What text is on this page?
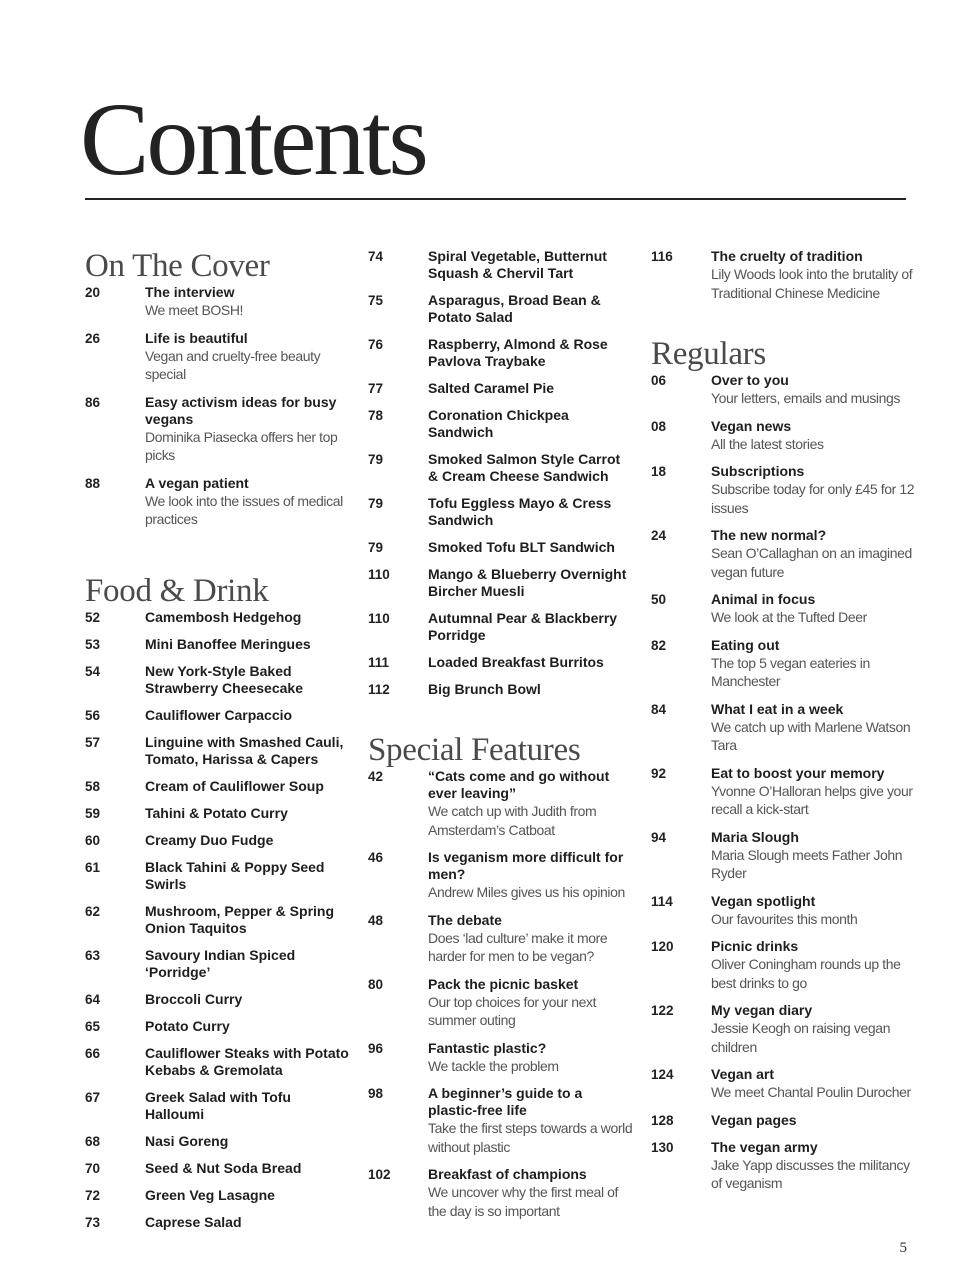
Contents
On The Cover
20	The interview
We meet BOSH!
26	Life is beautiful
Vegan and cruelty-free beauty special
86	Easy activism ideas for busy vegans
Dominika Piasecka offers her top picks
88	A vegan patient
We look into the issues of medical practices
Food & Drink
52	Camembosh Hedgehog
53	Mini Banoffee Meringues
54	New York-Style Baked Strawberry Cheesecake
56	Cauliflower Carpaccio
57	Linguine with Smashed Cauli, Tomato, Harissa & Capers
58	Cream of Cauliflower Soup
59	Tahini & Potato Curry
60	Creamy Duo Fudge
61	Black Tahini & Poppy Seed Swirls
62	Mushroom, Pepper & Spring Onion Taquitos
63	Savoury Indian Spiced ‘Porridge’
64	Broccoli Curry
65	Potato Curry
66	Cauliflower Steaks with Potato Kebabs & Gremolata
67	Greek Salad with Tofu Halloumi
68	Nasi Goreng
70	Seed & Nut Soda Bread
72	Green Veg Lasagne
73	Caprese Salad
74	Spiral Vegetable, Butternut Squash & Chervil Tart
75	Asparagus, Broad Bean & Potato Salad
76	Raspberry, Almond & Rose Pavlova Traybake
77	Salted Caramel Pie
78	Coronation Chickpea Sandwich
79	Smoked Salmon Style Carrot & Cream Cheese Sandwich
79	Tofu Eggless Mayo & Cress Sandwich
79	Smoked Tofu BLT Sandwich
110	Mango & Blueberry Overnight Bircher Muesli
110	Autumnal Pear & Blackberry Porridge
111	Loaded Breakfast Burritos
112	Big Brunch Bowl
Special Features
42	“Cats come and go without ever leaving”
We catch up with Judith from Amsterdam’s Catboat
46	Is veganism more difficult for men?
Andrew Miles gives us his opinion
48	The debate
Does ‘lad culture’ make it more harder for men to be vegan?
80	Pack the picnic basket
Our top choices for your next summer outing
96	Fantastic plastic?
We tackle the problem
98	A beginner’s guide to a plastic-free life
Take the first steps towards a world without plastic
102	Breakfast of champions
We uncover why the first meal of the day is so important
116	The cruelty of tradition
Lily Woods look into the brutality of Traditional Chinese Medicine
Regulars
06	Over to you
Your letters, emails and musings
08	Vegan news
All the latest stories
18	Subscriptions
Subscribe today for only £45 for 12 issues
24	The new normal?
Sean O’Callaghan on an imagined vegan future
50	Animal in focus
We look at the Tufted Deer
82	Eating out
The top 5 vegan eateries in Manchester
84	What I eat in a week
We catch up with Marlene Watson Tara
92	Eat to boost your memory
Yvonne O’Halloran helps give your recall a kick-start
94	Maria Slough
Maria Slough meets Father John Ryder
114	Vegan spotlight
Our favourites this month
120	Picnic drinks
Oliver Coningham rounds up the best drinks to go
122	My vegan diary
Jessie Keogh on raising vegan children
124	Vegan art
We meet Chantal Poulin Durocher
128	Vegan pages
130	The vegan army
Jake Yapp discusses the militancy of veganism
5
